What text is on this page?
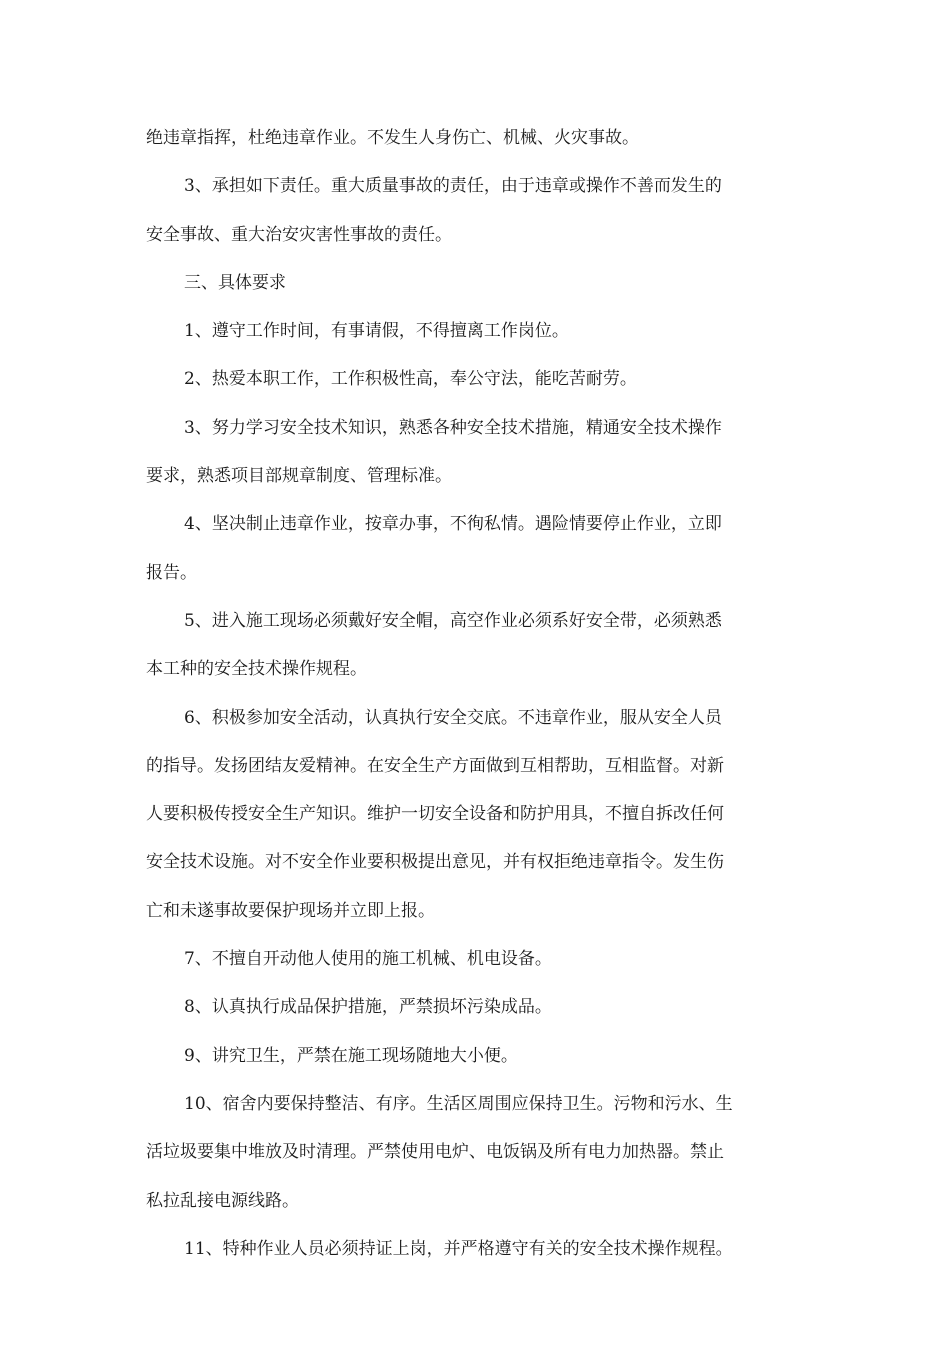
绝违章指挥，杜绝违章作业。不发生人身伤亡、机械、火灾事故。
3、承担如下责任。重大质量事故的责任，由于违章或操作不善而发生的
安全事故、重大治安灾害性事故的责任。
三、具体要求
1、遵守工作时间，有事请假，不得擅离工作岗位。
2、热爱本职工作，工作积极性高，奉公守法，能吃苦耐劳。
3、努力学习安全技术知识，熟悉各种安全技术措施，精通安全技术操作
要求，熟悉项目部规章制度、管理标准。
4、坚决制止违章作业，按章办事，不徇私情。遇险情要停止作业，立即
报告。
5、进入施工现场必须戴好安全帽，高空作业必须系好安全带，必须熟悉
本工种的安全技术操作规程。
6、积极参加安全活动，认真执行安全交底。不违章作业，服从安全人员
的指导。发扬团结友爱精神。在安全生产方面做到互相帮助，互相监督。对新
人要积极传授安全生产知识。维护一切安全设备和防护用具，不擅自拆改任何
安全技术设施。对不安全作业要积极提出意见，并有权拒绝违章指令。发生伤
亡和未遂事故要保护现场并立即上报。
7、不擅自开动他人使用的施工机械、机电设备。
8、认真执行成品保护措施，严禁损坏污染成品。
9、讲究卫生，严禁在施工现场随地大小便。
10、宿舍内要保持整洁、有序。生活区周围应保持卫生。污物和污水、生
活垃圾要集中堆放及时清理。严禁使用电炉、电饭锅及所有电力加热器。禁止
私拉乱接电源线路。
11、特种作业人员必须持证上岗，并严格遵守有关的安全技术操作规程。
